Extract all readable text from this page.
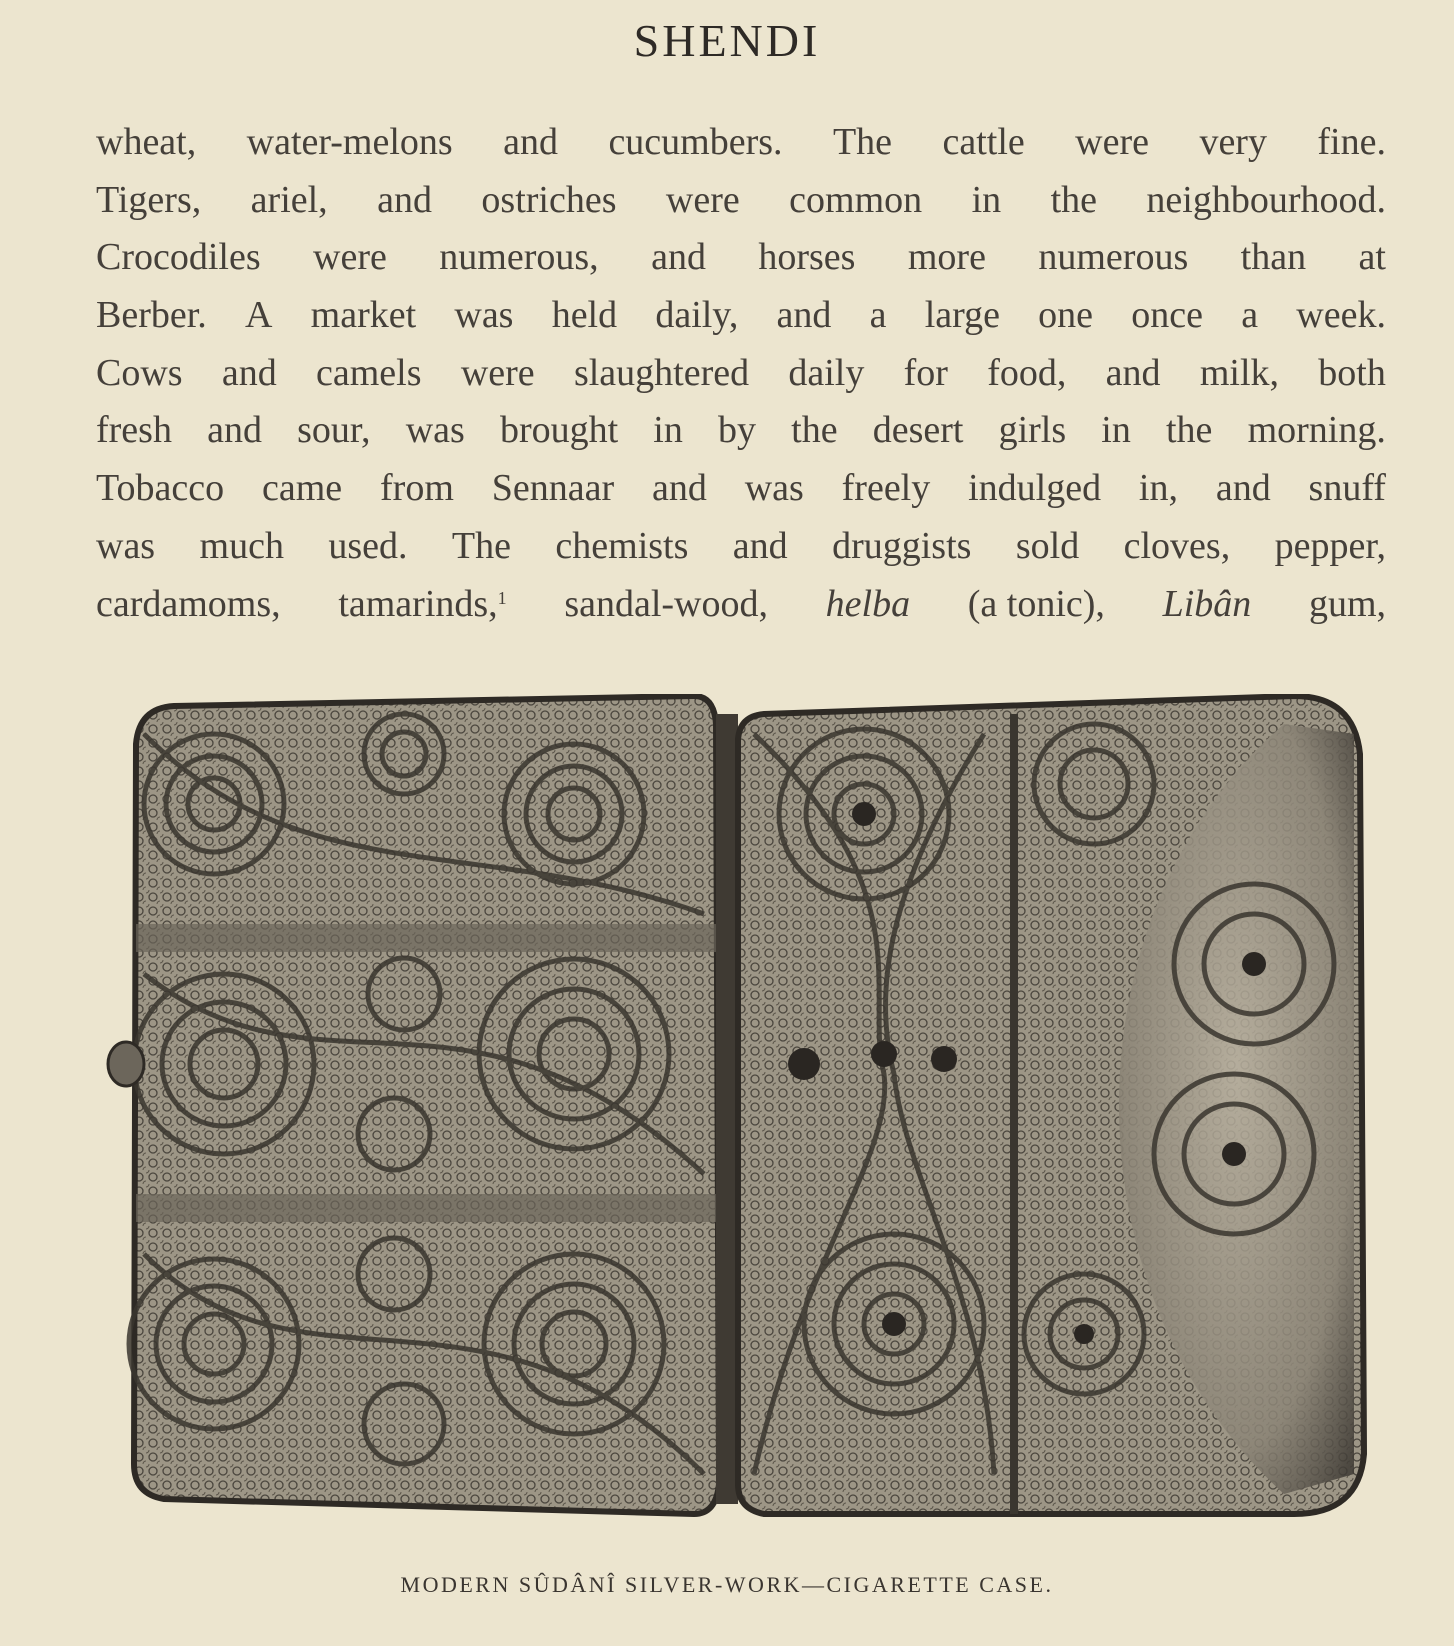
SHENDI
wheat, water-melons and cucumbers. The cattle were very fine.
Tigers, ariel, and ostriches were common in the neighbourhood.
Crocodiles were numerous, and horses more numerous than at
Berber. A market was held daily, and a large one once a week.
Cows and camels were slaughtered daily for food, and milk, both
fresh and sour, was brought in by the desert girls in the morning.
Tobacco came from Sennaar and was freely indulged in, and snuff
was much used. The chemists and druggists sold cloves, pepper,
cardamoms, tamarinds,$^1$ sandal-wood, helba (a tonic), Libân gum,
MODERN SÛDÂNÎ SILVER-WORK—CIGARETTE CASE.
